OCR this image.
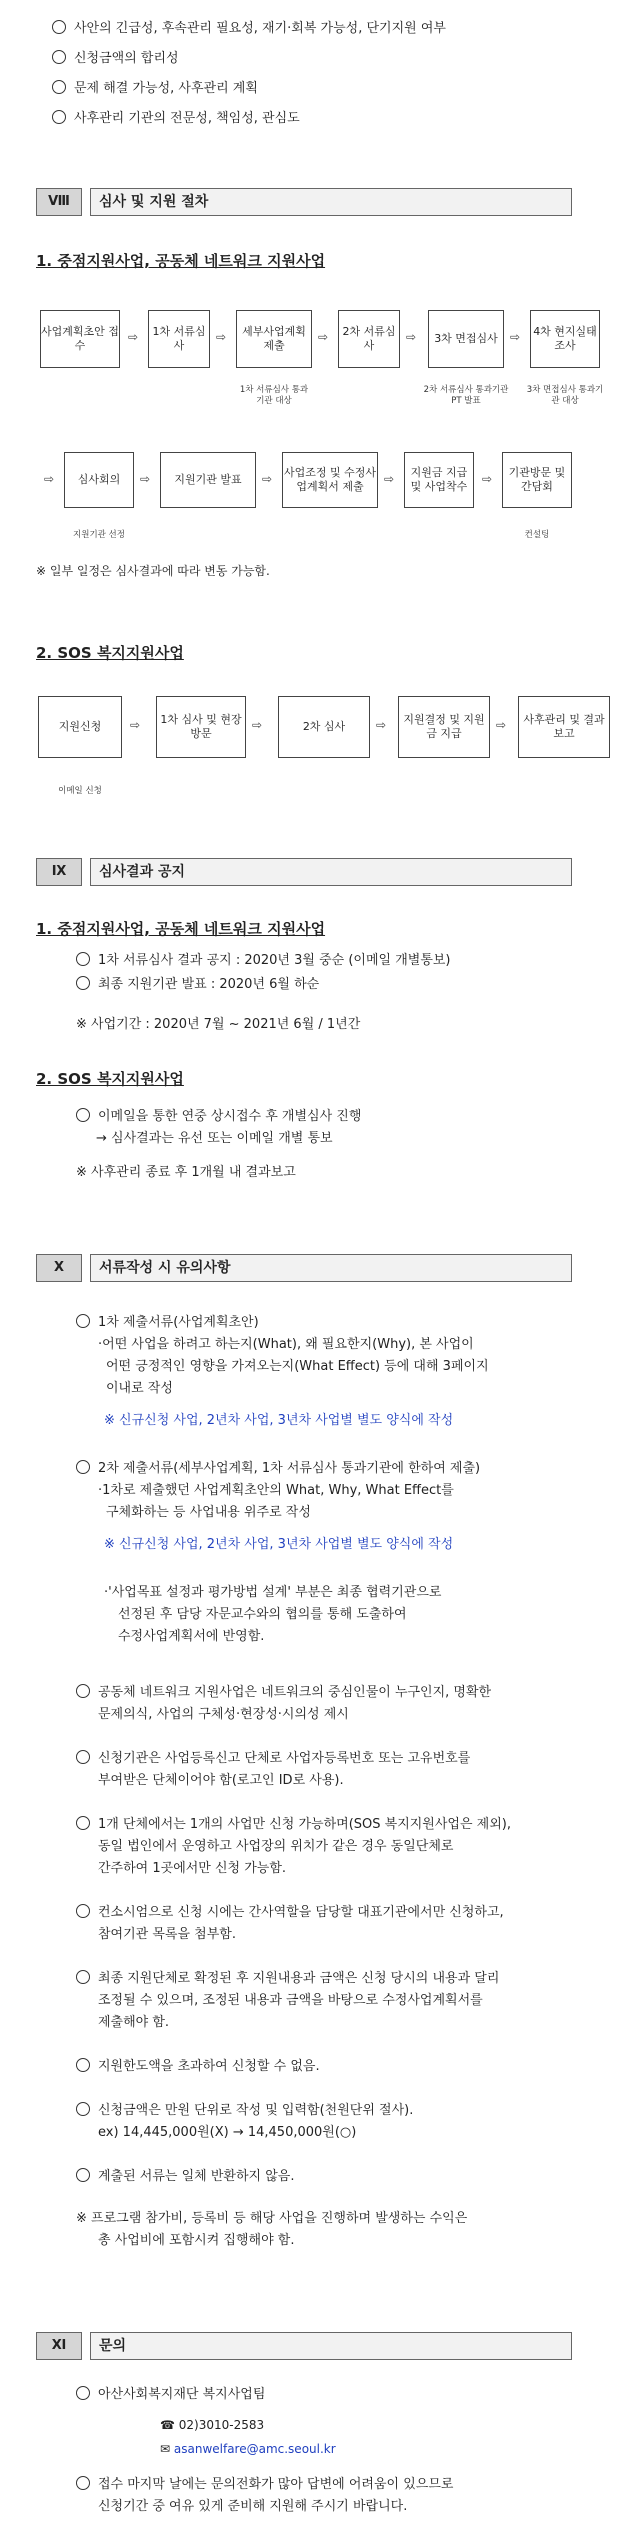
사안의 긴급성, 후속관리 필요성, 재기·회복 가능성, 단기지원 여부
신청금액의 합리성
문제 해결 가능성, 사후관리 계획
사후관리 기관의 전문성, 책임성, 관심도
Ⅷ	심사 및 지원 절차
1. 중점지원사업, 공동체 네트워크 지원사업
사업계획초안 접수
⇨	1차 서류심사
⇨	세부사업계획 제출
⇨	2차 서류심사
⇨ 3차 면접심사 ⇨ 4차 현지실태조사
1차 서류심사 통과기관 대상
2차 서류심사 통과기관 PT 발표
3차 면접심사 통과기관 대상
⇨ 심사회의 ⇨ 지원기관 발표 ⇨ 사업조정 및 수정사업계획서 제출
⇨	지원금 지급 및 사업착수
⇨	기관방문 및 간담회
지원기관 선정	컨설팅
※ 일부 일정은 심사결과에 따라 변동 가능함.
2. SOS 복지지원사업
지원신청 ⇨	1차 심사 및 현장방문
⇨	2차 심사	⇨	지원결정 및 지원금 지급
⇨	사후관리 및 결과보고
이메일 신청
Ⅸ	심사결과 공지
1. 중점지원사업, 공동체 네트워크 지원사업
1차 서류심사 결과 공지 : 2020년 3월 중순 (이메일 개별통보)
최종 지원기관 발표 : 2020년 6월 하순
※ 사업기간 : 2020년 7월 ~ 2021년 6월 / 1년간
2. SOS 복지지원사업
이메일을 통한 연중 상시접수 후 개별심사 진행
→ 심사결과는 유선 또는 이메일 개별 통보
※ 사후관리 종료 후 1개월 내 결과보고
Ⅹ	서류작성 시 유의사항
1차 제출서류(사업계획초안)
·어떤 사업을 하려고 하는지(What), 왜 필요한지(Why), 본 사업이
어떤 긍정적인 영향을 가져오는지(What Effect) 등에 대해 3페이지
이내로 작성
※ 신규신청 사업, 2년차 사업, 3년차 사업별 별도 양식에 작성
2차 제출서류(세부사업계획, 1차 서류심사 통과기관에 한하여 제출)
·1차로 제출했던 사업계획초안의 What, Why, What Effect를
구체화하는 등 사업내용 위주로 작성
※ 신규신청 사업, 2년차 사업, 3년차 사업별 별도 양식에 작성
·'사업목표 설정과 평가방법 설계' 부분은 최종 협력기관으로
선정된 후 담당 자문교수와의 협의를 통해 도출하여
수정사업계획서에 반영함.
공동체 네트워크 지원사업은 네트워크의 중심인물이 누구인지, 명확한
문제의식, 사업의 구체성·현장성·시의성 제시
신청기관은 사업등록신고 단체로 사업자등록번호 또는 고유번호를
부여받은 단체이어야 함(로고인 ID로 사용).
1개 단체에서는 1개의 사업만 신청 가능하며(SOS 복지지원사업은 제외),
동일 법인에서 운영하고 사업장의 위치가 같은 경우 동일단체로
간주하여 1곳에서만 신청 가능함.
컨소시엄으로 신청 시에는 간사역할을 담당할 대표기관에서만 신청하고,
참여기관 목록을 첨부함.
최종 지원단체로 확정된 후 지원내용과 금액은 신청 당시의 내용과 달리
조정될 수 있으며, 조정된 내용과 금액을 바탕으로 수정사업계획서를
제출해야 함.
지원한도액을 초과하여 신청할 수 없음.
신청금액은 만원 단위로 작성 및 입력함(천원단위 절사).
ex) 14,445,000원(X) → 14,450,000원(○)
계출된 서류는 일체 반환하지 않음.
※ 프로그램 참가비, 등록비 등 해당 사업을 진행하며 발생하는 수익은
총 사업비에 포함시켜 집행해야 함.
Ⅺ	문의
아산사회복지재단 복지사업팀
☎ 02)3010-2583
✉ asanwelfare@amc.seoul.kr
접수 마지막 날에는 문의전화가 많아 답변에 어려움이 있으므로
신청기간 중 여유 있게 준비해 지원해 주시기 바랍니다.
